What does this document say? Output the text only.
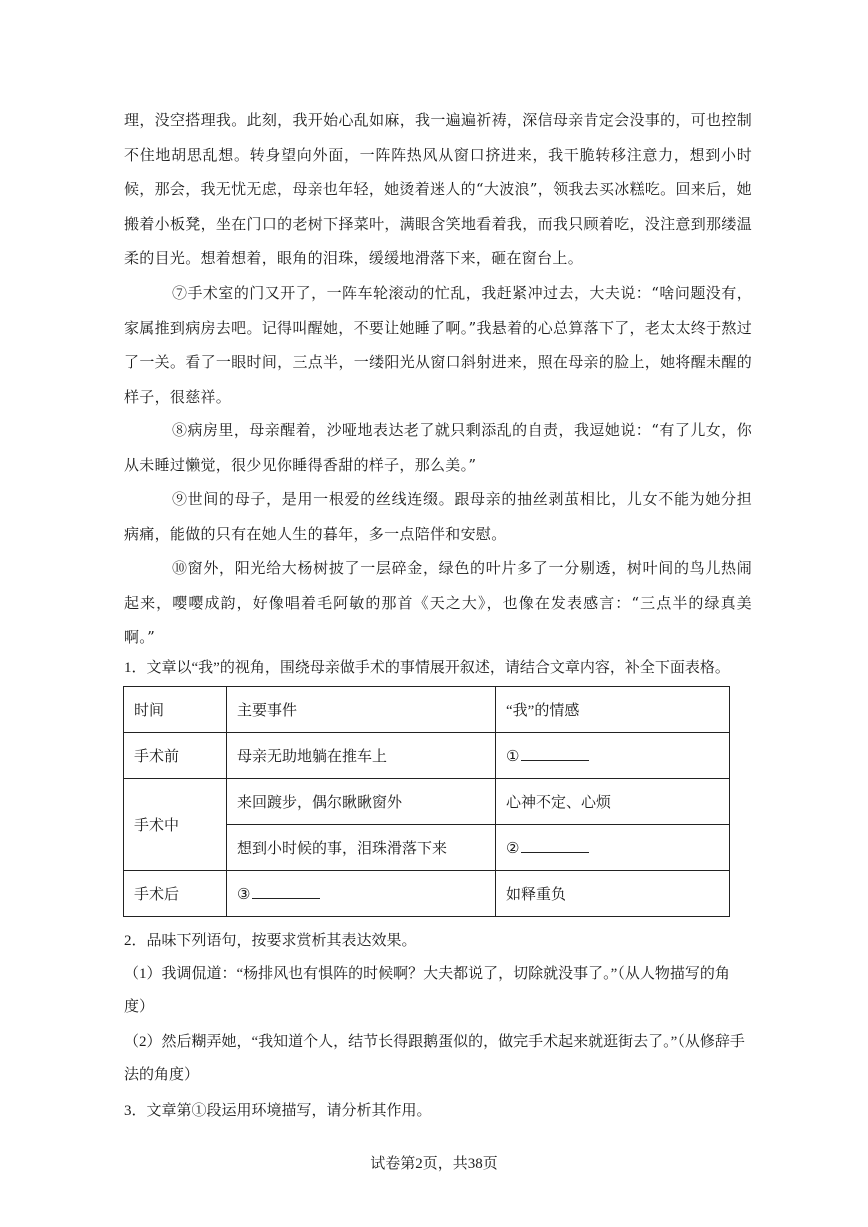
理，没空搭理我。此刻，我开始心乱如麻，我一遍遍祈祷，深信母亲肯定会没事的，可也控制不住地胡思乱想。转身望向外面，一阵阵热风从窗口挤进来，我干脆转移注意力，想到小时候，那会，我无忧无虑，母亲也年轻，她烫着迷人的“大波浪”，领我去买冰糕吃。回来后，她搬着小板凳，坐在门口的老树下择菜叶，满眼含笑地看着我，而我只顾着吃，没注意到那缕温柔的目光。想着想着，眼角的泪珠，缓缓地滑落下来，砸在窗台上。

⑦手术室的门又开了，一阵车轮滚动的忙乱，我赶紧冲过去，大夫说：“啥问题没有，家属推到病房去吧。记得叫醒她，不要让她睡了啊。”我悬着的心总算落下了，老太太终于熬过了一关。看了一眼时间，三点半，一缕阳光从窗口斜射进来，照在母亲的脸上，她将醒未醒的样子，很慈祥。

⑧病房里，母亲醒着，沙哑地表达老了就只剩添乱的自责，我逗她说：“有了儿女，你从未睡过懒觉，很少见你睡得香甜的样子，那么美。”

⑨世间的母子，是用一根爱的丝线连缀。跟母亲的抽丝剥茧相比，儿女不能为她分担病痛，能做的只有在她人生的暮年，多一点陪伴和安慰。

⑩窗外，阳光给大杨树披了一层碎金，绿色的叶片多了一分剔透，树叶间的鸟儿热闹起来，嘤嘤成韵，好像唱着毛阿敏的那首《天之大》，也像在发表感言：“三点半的绿真美啊。”

1．文章以“我”的视角，围绕母亲做手术的事情展开叙述，请结合文章内容，补全下面表格。

时间	主要事件	“我”的情感
手术前	母亲无助地躺在推车上	①
手术中	来回踱步，偶尔瞅瞅窗外	心神不定、心烦
	想到小时候的事，泪珠滑落下来	②
手术后	③	如释重负

2．品味下列语句，按要求赏析其表达效果。

（1）我调侃道：“杨排风也有惧阵的时候啊？大夫都说了，切除就没事了。”（从人物描写的角度）

（2）然后糊弄她，“我知道个人，结节长得跟鹅蛋似的，做完手术起来就逛街去了。”（从修辞手法的角度）

3．文章第①段运用环境描写，请分析其作用。

试卷第2页，共38页
